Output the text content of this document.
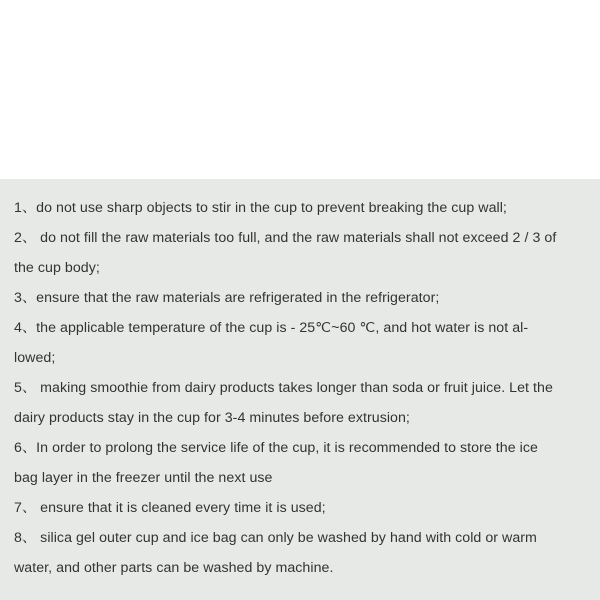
1、do not use sharp objects to stir in the cup to prevent breaking the cup wall;
2、 do not fill the raw materials too full, and the raw materials shall not exceed 2 / 3 of
the cup body;
3、ensure that the raw materials are refrigerated in the refrigerator;
4、the applicable temperature of the cup is - 25℃~60 ℃, and hot water is not al-
lowed;
5、 making smoothie from dairy products takes longer than soda or fruit juice. Let the
dairy products stay in the cup for 3-4 minutes before extrusion;
6、In order to prolong the service life of the cup, it is recommended to store the ice
bag layer in the freezer until the next use
7、 ensure that it is cleaned every time it is used;
8、 silica gel outer cup and ice bag can only be washed by hand with cold or warm
water, and other parts can be washed by machine.
